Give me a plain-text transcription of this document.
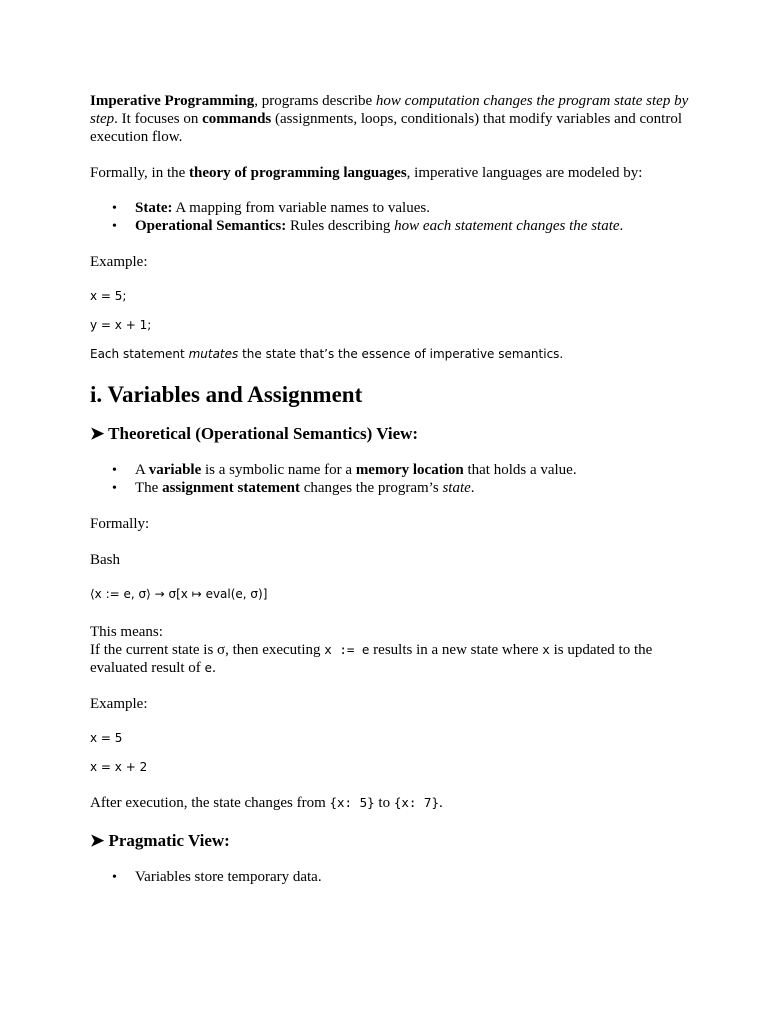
Imperative Programming, programs describe how computation changes the program state step by step. It focuses on commands (assignments, loops, conditionals) that modify variables and control execution flow.

Formally, in the theory of programming languages, imperative languages are modeled by:

• State: A mapping from variable names to values.
• Operational Semantics: Rules describing how each statement changes the state.

Example:

x = 5;

y = x + 1;

Each statement mutates the state that’s the essence of imperative semantics.

i. Variables and Assignment
➤ Theoretical (Operational Semantics) View:
• A variable is a symbolic name for a memory location that holds a value.
• The assignment statement changes the program’s state.

Formally:

Bash

⟨x := e, σ⟩ → σ[x ↦ eval(e, σ)]

This means:

If the current state is σ, then executing x := e results in a new state where x is updated to the evaluated result of e.

Example:

x = 5

x = x + 2

After execution, the state changes from {x: 5} to {x: 7}.

➤ Pragmatic View:
• Variables store temporary data.
